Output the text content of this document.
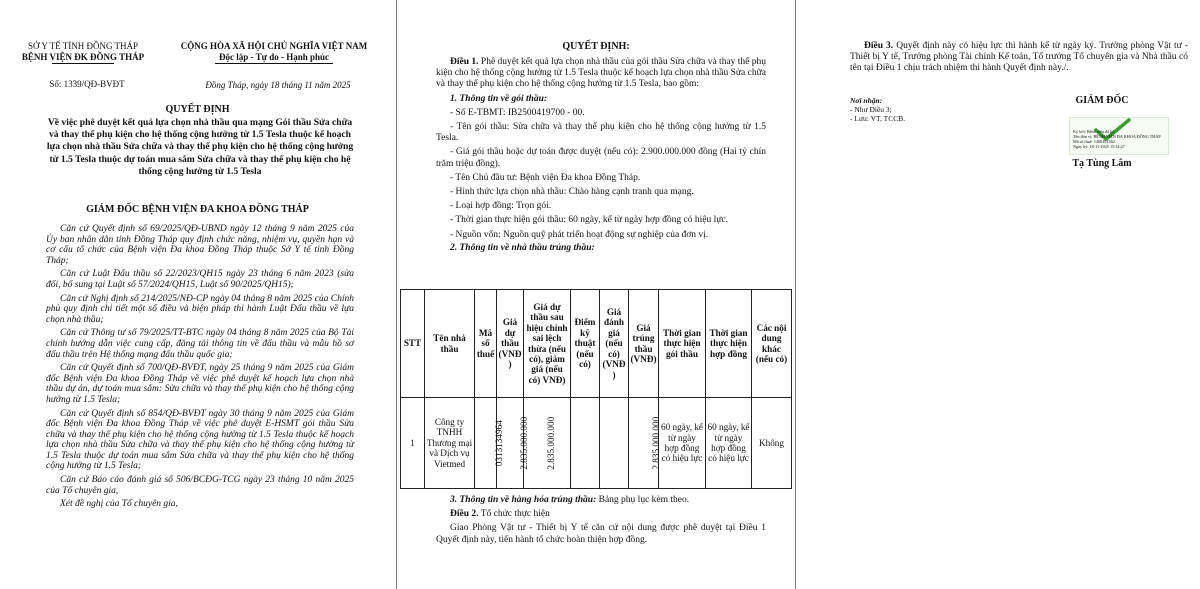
SỞ Y TẾ TỈNH ĐỒNG THÁP
BỆNH VIỆN ĐK ĐỒNG THÁP
Số: 1339/QĐ-BVĐT
CỘNG HÒA XÃ HỘI CHỦ NGHĨA VIỆT NAM
Độc lập - Tự do - Hạnh phúc
Đồng Tháp, ngày 18 tháng 11 năm 2025
QUYẾT ĐỊNH
Về việc phê duyệt kết quả lựa chọn nhà thầu qua mạng Gói thầu Sửa chữa và thay thế phụ kiện cho hệ thống cộng hưởng từ 1.5 Tesla thuộc kế hoạch lựa chọn nhà thầu Sửa chữa và thay thế phụ kiện cho hệ thống cộng hưởng từ 1.5 Tesla thuộc dự toán mua sắm Sửa chữa và thay thế phụ kiện cho hệ thống cộng hưởng từ 1.5 Tesla
GIÁM ĐỐC BỆNH VIỆN ĐA KHOA ĐỒNG THÁP

Căn cứ Quyết định số 69/2025/QĐ-UBND ngày 12 tháng 9 năm 2025 của Ủy ban nhân dân tỉnh Đồng Tháp quy định chức năng, nhiệm vụ, quyền hạn và cơ cấu tổ chức của Bệnh viện Đa khoa Đồng Tháp thuộc Sở Y tế tỉnh Đồng Tháp;

Căn cứ Luật Đấu thầu số 22/2023/QH15 ngày 23 tháng 6 năm 2023 (sửa đổi, bổ sung tại Luật số 57/2024/QH15, Luật số 90/2025/QH15);

Căn cứ Nghị định số 214/2025/NĐ-CP ngày 04 tháng 8 năm 2025 của Chính phủ quy định chi tiết một số điều và biện pháp thi hành Luật Đấu thầu về lựa chọn nhà thầu;

Căn cứ Thông tư số 79/2025/TT-BTC ngày 04 tháng 8 năm 2025 của Bộ Tài chính hướng dẫn việc cung cấp, đăng tải thông tin về đấu thầu và mẫu hồ sơ đấu thầu trên Hệ thống mạng đấu thầu quốc gia;

Căn cứ Quyết định số 700/QĐ-BVĐT, ngày 25 tháng 9 năm 2025 của Giám đốc Bệnh viện Đa khoa Đồng Tháp về việc phê duyệt kế hoạch lựa chọn nhà thầu dự án, dự toán mua sắm: Sửa chữa và thay thế phụ kiện cho hệ thống cộng hưởng từ 1.5 Tesla;

Căn cứ Quyết định số 854/QĐ-BVĐT ngày 30 tháng 9 năm 2025 của Giám đốc Bệnh viện Đa khoa Đồng Tháp về việc phê duyệt E-HSMT gói thầu Sửa chữa và thay thế phụ kiện cho hệ thống cộng hưởng từ 1.5 Tesla thuộc kế hoạch lựa chọn nhà thầu Sửa chữa và thay thế phụ kiện cho hệ thống cộng hưởng từ 1.5 Tesla thuộc dự toán mua sắm Sửa chữa và thay thế phụ kiện cho hệ thống cộng hưởng từ 1.5 Tesla;

Căn cứ Báo cáo đánh giá số 506/BCĐG-TCG ngày 23 tháng 10 năm 2025 của Tổ chuyên gia,

Xét đề nghị của Tổ chuyên gia,

QUYẾT ĐỊNH:

Điều 1. Phê duyệt kết quả lựa chọn nhà thầu của gói thầu Sửa chữa và thay thế phụ kiện cho hệ thống cộng hưởng từ 1.5 Tesla thuộc kế hoạch lựa chọn nhà thầu Sửa chữa và thay thế phụ kiện cho hệ thống cộng hưởng từ 1.5 Tesla, bao gồm:

1. Thông tin về gói thầu:

- Số E-TBMT: IB2500419700 - 00.

- Tên gói thầu: Sửa chữa và thay thế phụ kiện cho hệ thống cộng hưởng từ 1.5 Tesla.

- Giá gói thầu hoặc dự toán được duyệt (nếu có): 2.900.000.000 đồng (Hai tỷ chín trăm triệu đồng).

- Tên Chủ đầu tư: Bệnh viện Đa khoa Đồng Tháp.

- Hình thức lựa chọn nhà thầu: Chào hàng cạnh tranh qua mạng.

- Loại hợp đồng: Trọn gói.

- Thời gian thực hiện gói thầu: 60 ngày, kể từ ngày hợp đồng có hiệu lực.

- Nguồn vốn: Nguồn quỹ phát triển hoạt động sự nghiệp của đơn vị.

2. Thông tin về nhà thầu trúng thầu:

STT	Tên nhà thầu	Mã số thuế	Giá dự thầu (VNĐ)	Giá dự thầu sau hiệu chỉnh sai lệch thừa (nếu có), giảm giá (nếu có) VNĐ)	Điểm kỹ thuật (nếu có)	Giá đánh giá (nếu có) (VNĐ)	Giá trúng thầu (VNĐ)	Thời gian thực hiện gói thầu	Thời gian thực hiện hợp đồng	Các nội dung khác (nếu có)
1	Công ty TNHH Thương mại và Dịch vụ Vietmed	0313134964	2.835.000.000	2.835.000.000			2.835.000.000	60 ngày, kể từ ngày hợp đồng có hiệu lực	60 ngày, kể từ ngày hợp đồng có hiệu lực	Không

3. Thông tin về hàng hóa trúng thầu: Bảng phụ lục kèm theo.

Điều 2. Tổ chức thực hiện

Giao Phòng Vật tư - Thiết bị Y tế căn cứ nội dung được phê duyệt tại Điều 1 Quyết định này, tiến hành tổ chức hoàn thiện hợp đồng.

Điều 3. Quyết định này có hiệu lực thi hành kể từ ngày ký. Trưởng phòng Vật tư - Thiết bị Y tế, Trưởng phòng Tài chính Kế toán, Tổ trưởng Tổ chuyên gia và Nhà thầu có tên tại Điều 1 chịu trách nhiệm thi hành Quyết định này./.

Nơi nhận:
- Như Điều 3;
- Lưu: VT, TCCB.
GIÁM ĐỐC
Ký bởi: Bệnh viện đã ký
Tên đơn vị: BỆNH VIỆN ĐA KHOA ĐỒNG THÁP
Mã số thuế: 1400291362
Ngày ký: 18-11-2025 15:34:27
Tạ Tùng Lâm
